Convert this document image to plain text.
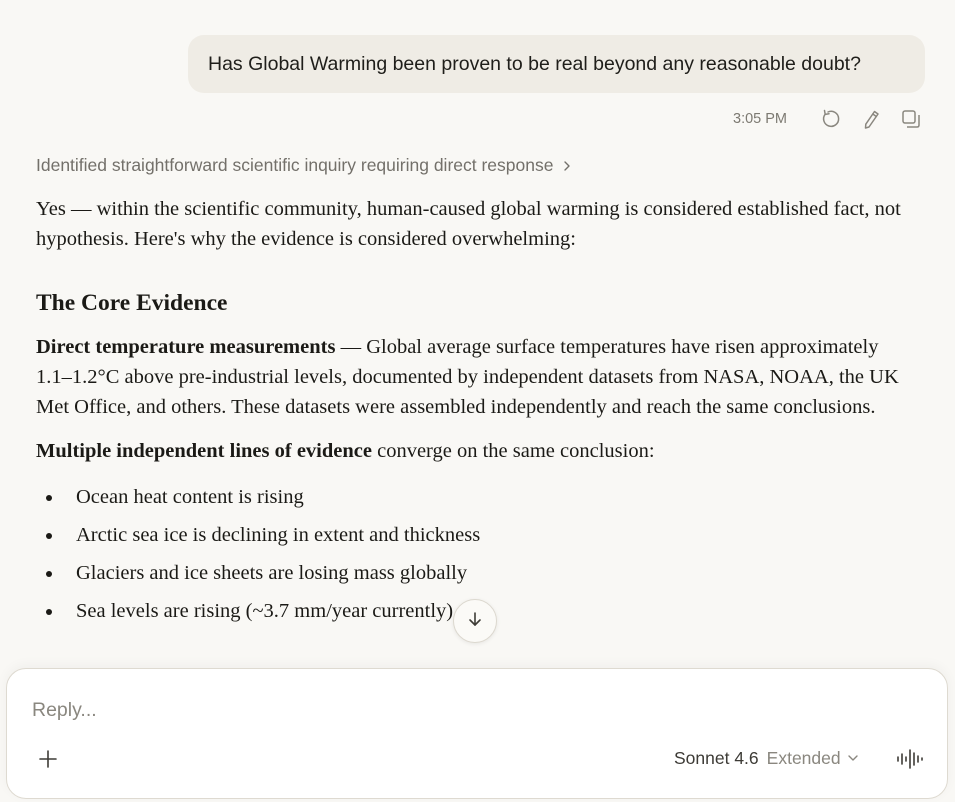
Has Global Warming been proven to be real beyond any reasonable doubt?
3:05 PM
Identified straightforward scientific inquiry requiring direct response

Yes — within the scientific community, human-caused global warming is considered established fact, not hypothesis. Here's why the evidence is considered overwhelming:

The Core Evidence

Direct temperature measurements — Global average surface temperatures have risen approximately 1.1–1.2°C above pre-industrial levels, documented by independent datasets from NASA, NOAA, the UK Met Office, and others. These datasets were assembled independently and reach the same conclusions.

Multiple independent lines of evidence converge on the same conclusion:

Ocean heat content is rising
Arctic sea ice is declining in extent and thickness
Glaciers and ice sheets are losing mass globally
Sea levels are rising (~3.7 mm/year currently)
Reply...
Sonnet 4.6 Extended
